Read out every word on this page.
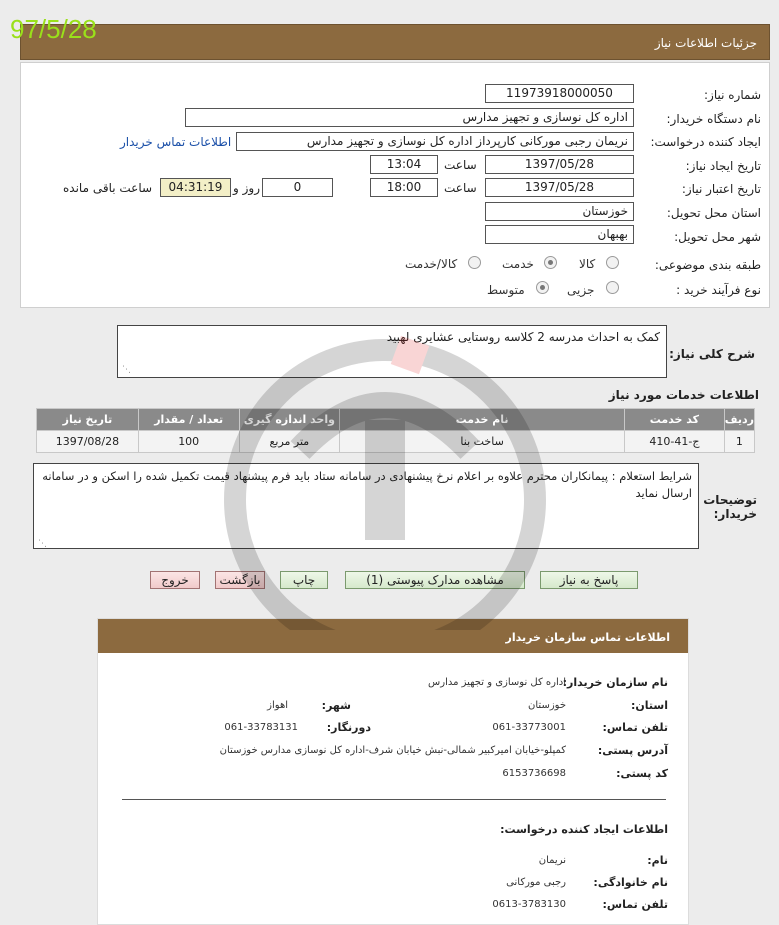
97/5/28	جزئیات اطلاعات نیاز
شماره نیاز:
11973918000050
نام دستگاه خریدار:
اداره کل نوسازی و تجهیز مدارس
ایجاد کننده درخواست:
نریمان رجبی مورکانی کارپرداز اداره کل نوسازی و تجهیز مدارس
اطلاعات تماس خریدار
تاریخ ایجاد نیاز:
1397/05/28
ساعت
13:04
تاریخ اعتبار نیاز:
1397/05/28
ساعت
18:00
0
روز و
04:31:19
ساعت باقی مانده
استان محل تحویل:
خوزستان
شهر محل تحویل:
بهبهان
طبقه بندی موضوعی:
کالا
خدمت
کالا/خدمت
نوع فرآیند خرید :
جزیی
متوسط
شرح کلی نیاز:
کمک به احداث مدرسه 2 کلاسه روستایی عشایری لهبید
⋰
اطلاعات خدمات مورد نیاز
ردیف	کد خدمت	نام خدمت	واحد اندازه گیری	تعداد / مقدار	تاریخ نیاز
1	ج-41-410	ساخت بنا	متر مربع	100	1397/08/28
توضیحات خریدار:
شرایط استعلام : پیمانکاران محترم علاوه بر اعلام نرخ پیشنهادی در سامانه ستاد باید فرم پیشنهاد قیمت تکمیل شده را اسکن و در سامانه ارسال نماید
⋰
پاسخ به نیاز
مشاهده مدارک پیوستی (1)
چاپ
بازگشت
خروج
اطلاعات تماس سازمان خریدار
نام سازمان خریدار:
اداره کل نوسازی و تجهیز مدارس
استان:
خوزستان
شهر:
اهواز
تلفن تماس:
061-33773001
دورنگار:
061-33783131
آدرس پستی:
کمپلو-خیابان امیرکبیر شمالی-نبش خیابان شرف-اداره کل نوسازی مدارس خوزستان
کد پستی:
6153736698
اطلاعات ایجاد کننده درخواست:
نام:
نریمان
نام خانوادگی:
رجبی مورکانی
تلفن تماس:
0613-3783130
